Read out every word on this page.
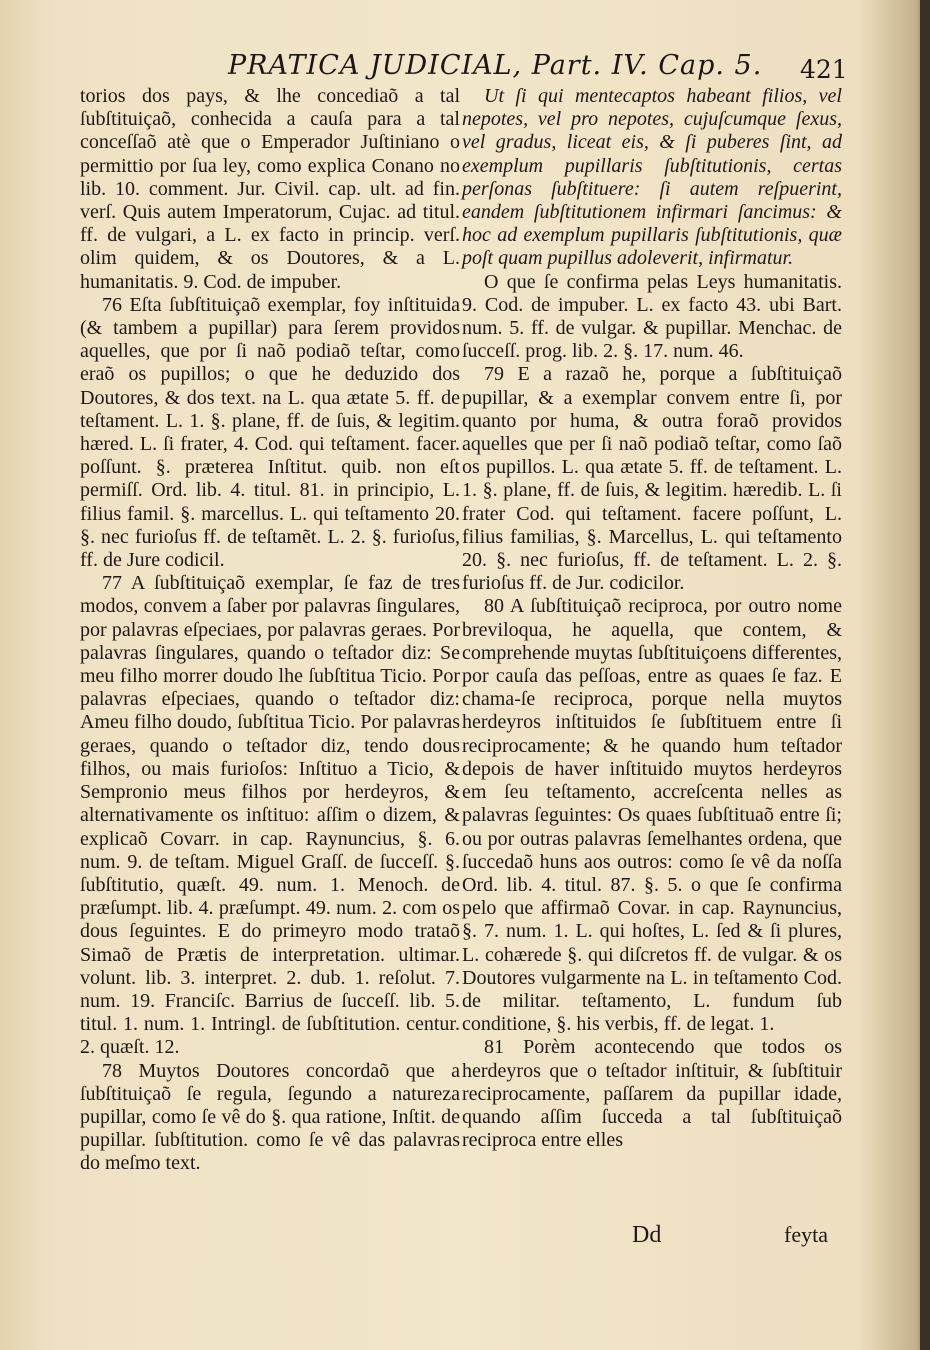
PRATICA JUDICIAL, Part. IV. Cap. 5. 421

torios dos pays, & lhe concediaõ a tal ſubſtituiçaõ, conhecida a cauſa para a tal conceſſaõ atè que o Emperador Juſtiniano o permittio por ſua ley, como explica Conano no lib. 10. comment. Jur. Civil. cap. ult. ad fin. verſ. Quis autem Imperatorum, Cujac. ad titul. ff. de vulgari, a L. ex facto in princip. verſ. olim quidem, & os Doutores, & a L. humanitatis. 9. Cod. de impuber.

76 Eſta ſubſtituiçaõ exemplar, foy inſtituida (& tambem a pupillar) para ſerem providos aquelles, que por ſi naõ podiaõ teſtar, como eraõ os pupillos; o que he deduzido dos Doutores, & dos text. na L. qua ætate 5. ff. de teſtament. L. 1. §. plane, ff. de ſuis, & legitim. hæred. L. ſi frater, 4. Cod. qui teſtament. facer. poſſunt. §. præterea Inſtitut. quib. non eſt permiſſ. Ord. lib. 4. titul. 81. in principio, L. filius famil. §. marcellus. L. qui teſtamento 20. §. nec furioſus ff. de teſtamẽt. L. 2. §. furioſus, ff. de Jure codicil.

77 A ſubſtituiçaõ exemplar, ſe faz de tres modos, convem a ſaber por palavras ſingulares, por palavras eſpeciaes, por palavras geraes. Por palavras ſingulares, quando o teſtador diz: Se meu filho morrer doudo lhe ſubſtitua Ticio. Por palavras eſpeciaes, quando o teſtador diz: Ameu filho doudo, ſubſtitua Ticio. Por palavras geraes, quando o teſtador diz, tendo dous filhos, ou mais furioſos: Inſtituo a Ticio, & Sempronio meus filhos por herdeyros, & alternativamente os inſtituo: aſſim o dizem, & explicaõ Covarr. in cap. Raynuncius, §. 6. num. 9. de teſtam. Miguel Graſſ. de ſucceſſ. §. ſubſtitutio, quæſt. 49. num. 1. Menoch. de præſumpt. lib. 4. præſumpt. 49. num. 2. com os dous ſeguintes. E do primeyro modo trataõ Simaõ de Prætis de interpretation. ultimar. volunt. lib. 3. interpret. 2. dub. 1. reſolut. 7. num. 19. Franciſc. Barrius de ſucceſſ. lib. 5. titul. 1. num. 1. Intringl. de ſubſtitution. centur. 2. quæſt. 12.

78 Muytos Doutores concordaõ que a ſubſtituiçaõ ſe regula, ſegundo a natureza pupillar, como ſe vê do §. qua ratione, Inſtit. de pupillar. ſubſtitution. como ſe vê das palavras do meſmo text.

Ut ſi qui mentecaptos habeant filios, vel nepotes, vel pro nepotes, cujuſcumque ſexus, vel gradus, liceat eis, & ſi puberes ſint, ad exemplum pupillaris ſubſtitutionis, certas perſonas ſubſtituere: ſi autem reſpuerint, eandem ſubſtitutionem infirmari ſancimus: & hoc ad exemplum pupillaris ſubſtitutionis, quæ poſt quam pupillus adoleverit, infirmatur.

O que ſe confirma pelas Leys humanitatis. 9. Cod. de impuber. L. ex facto 43. ubi Bart. num. 5. ff. de vulgar. & pupillar. Menchac. de ſucceſſ. prog. lib. 2. §. 17. num. 46.

79 E a razaõ he, porque a ſubſtituiçaõ pupillar, & a exemplar convem entre ſi, por quanto por huma, & outra foraõ providos aquelles que per ſi naõ podiaõ teſtar, como ſaõ os pupillos. L. qua ætate 5. ff. de teſtament. L. 1. §. plane, ff. de ſuis, & legitim. hæredib. L. ſi frater Cod. qui teſtament. facere poſſunt, L. filius familias, §. Marcellus, L. qui teſtamento 20. §. nec furioſus, ff. de teſtament. L. 2. §. furioſus ff. de Jur. codicilor.

80 A ſubſtituiçaõ reciproca, por outro nome breviloqua, he aquella, que contem, & comprehende muytas ſubſtituiçoens differentes, por cauſa das peſſoas, entre as quaes ſe faz. E chama-ſe reciproca, porque nella muytos herdeyros inſtituidos ſe ſubſtituem entre ſi reciprocamente; & he quando hum teſtador depois de haver inſtituido muytos herdeyros em ſeu teſtamento, accreſcenta nelles as palavras ſeguintes: Os quaes ſubſtituaõ entre ſi; ou por outras palavras ſemelhantes ordena, que ſuccedaõ huns aos outros: como ſe vê da noſſa Ord. lib. 4. titul. 87. §. 5. o que ſe confirma pelo que affirmaõ Covar. in cap. Raynuncius, §. 7. num. 1. L. qui hoſtes, L. ſed & ſi plures, L. cohærede §. qui diſcretos ff. de vulgar. & os Doutores vulgarmente na L. in teſtamento Cod. de militar. teſtamento, L. fundum ſub conditione, §. his verbis, ff. de legat. 1.

81 Porèm acontecendo que todos os herdeyros que o teſtador inſtituir, & ſubſtituir reciprocamente, paſſarem da pupillar idade, quando aſſim ſucceda a tal ſubſtituiçaõ reciproca entre elles

Dd	feyta
